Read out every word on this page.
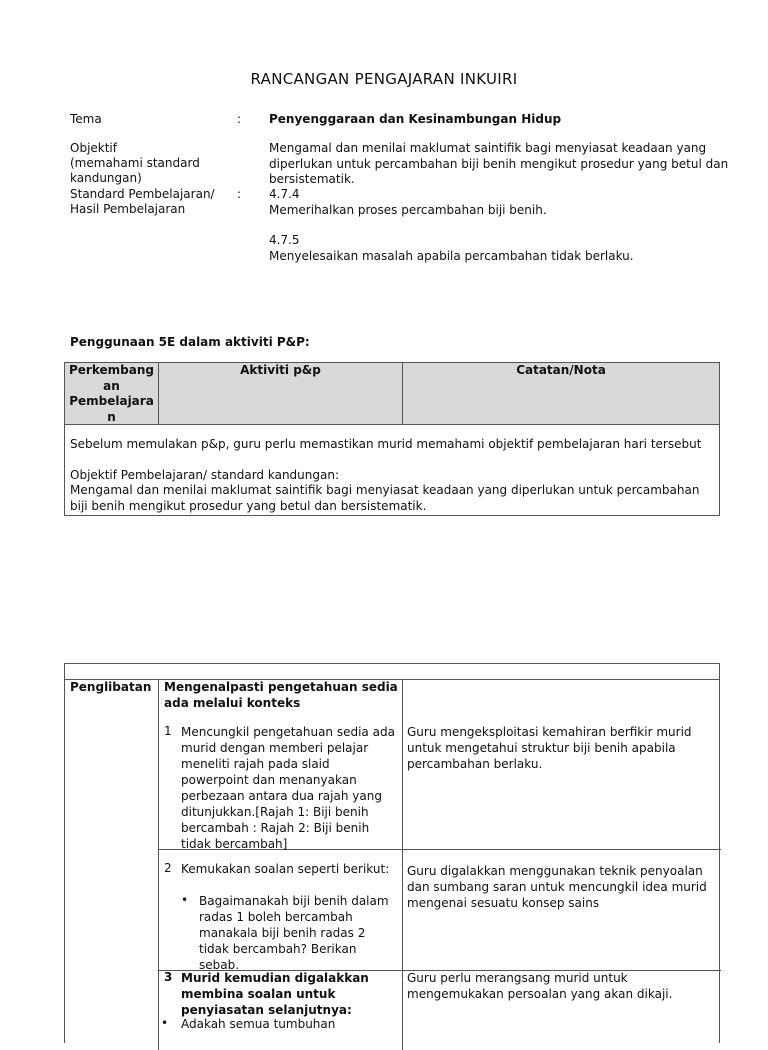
RANCANGAN PENGAJARAN INKUIRI
Tema	: Penyenggaraan dan Kesinambungan Hidup
Objektif
(memahami standard
kandungan)
Mengamal dan menilai maklumat saintifik bagi menyiasat keadaan yang diperlukan untuk percambahan biji benih mengikut prosedur yang betul dan bersistematik.
Standard Pembelajaran/
Hasil Pembelajaran
: 4.7.4
Memerihalkan proses percambahan biji benih.
4.7.5
Menyelesaikan masalah apabila percambahan tidak berlaku.
Penggunaan 5E dalam aktiviti P&P:
Perkembang
an
Pembelajara
n
Aktiviti p&p	Catatan/Nota
Sebelum memulakan p&p, guru perlu memastikan murid memahami objektif pembelajaran hari tersebut
Objektif Pembelajaran/ standard kandungan:
Mengamal dan menilai maklumat saintifik bagi menyiasat keadaan yang diperlukan untuk percambahan biji benih mengikut prosedur yang betul dan bersistematik.
Penglibatan Mengenalpasti pengetahuan sedia ada melalui konteks
1 Mencungkil pengetahuan sedia ada murid dengan memberi pelajar meneliti rajah pada slaid powerpoint dan menanyakan perbezaan antara dua rajah yang ditunjukkan.[Rajah 1: Biji benih bercambah : Rajah 2: Biji benih tidak bercambah]
Guru mengeksploitasi kemahiran berfikir murid untuk mengetahui struktur biji benih apabila percambahan berlaku.
2 Kemukakan soalan seperti berikut:
• Bagaimanakah biji benih dalam radas 1 boleh bercambah manakala biji benih radas 2 tidak bercambah? Berikan sebab.
Guru digalakkan menggunakan teknik penyoalan dan sumbang saran untuk mencungkil idea murid mengenai sesuatu konsep sains
3 Murid kemudian digalakkan membina soalan untuk penyiasatan selanjutnya:
• Adakah semua tumbuhan
Guru perlu merangsang murid untuk mengemukakan persoalan yang akan dikaji.
